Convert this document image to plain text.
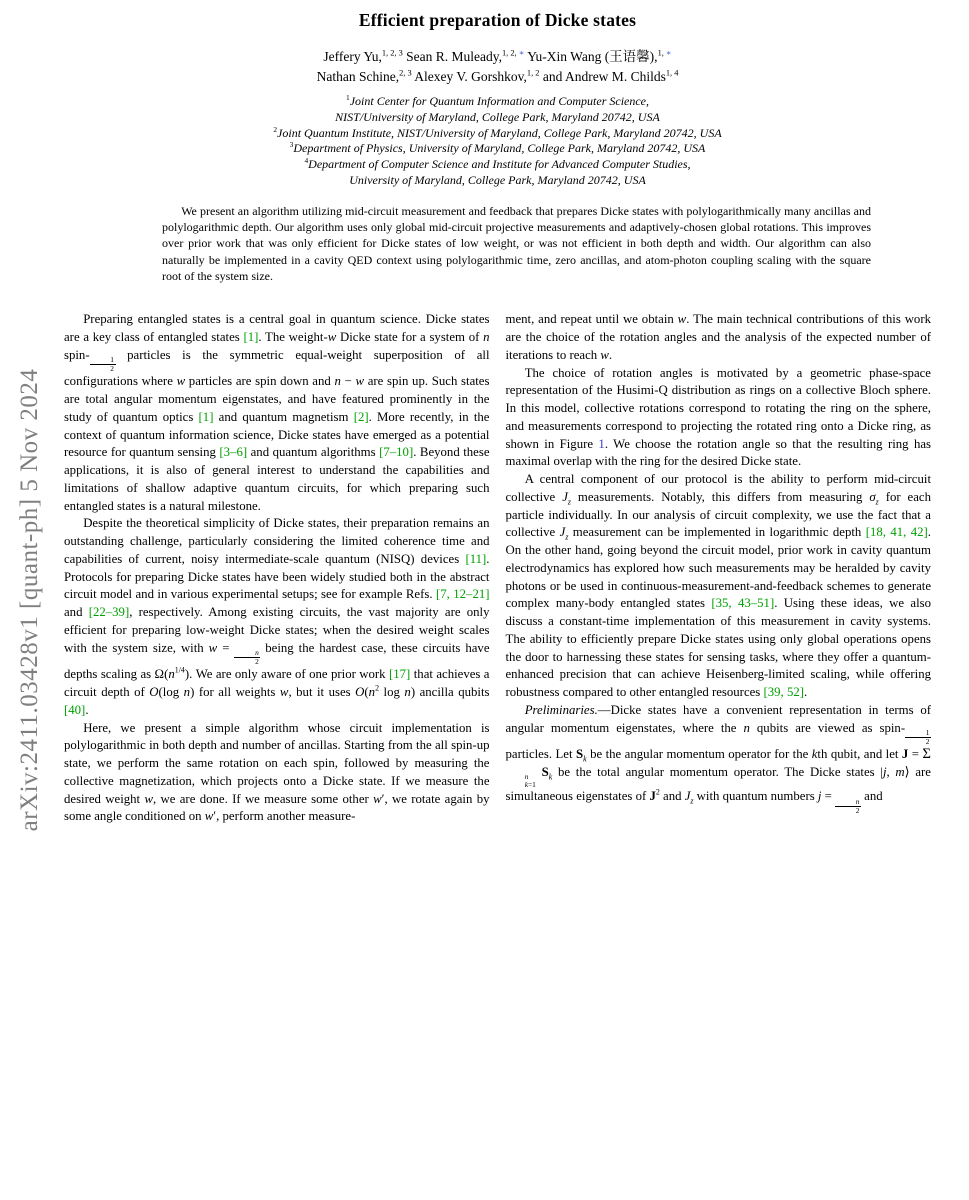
arXiv:2411.03428v1 [quant-ph] 5 Nov 2024
Efficient preparation of Dicke states
Jeffery Yu,$^{1, 2, 3}$ Sean R. Muleady,$^{1, 2, ∗}$ Yu-Xin Wang (王语馨),$^{1, ∗}$
Nathan Schine,$^{2, 3}$ Alexey V. Gorshkov,$^{1, 2}$ and Andrew M. Childs$^{1, 4}$
$^1$Joint Center for Quantum Information and Computer Science,
NIST/University of Maryland, College Park, Maryland 20742, USA
$^2$Joint Quantum Institute, NIST/University of Maryland, College Park, Maryland 20742, USA
$^3$Department of Physics, University of Maryland, College Park, Maryland 20742, USA
$^4$Department of Computer Science and Institute for Advanced Computer Studies,
University of Maryland, College Park, Maryland 20742, USA
We present an algorithm utilizing mid-circuit measurement and feedback that prepares Dicke states with polylogarithmically many ancillas and polylogarithmic depth. Our algorithm uses only global mid-circuit projective measurements and adaptively-chosen global rotations. This improves over prior work that was only efficient for Dicke states of low weight, or was not efficient in both depth and width. Our algorithm can also naturally be implemented in a cavity QED context using polylogarithmic time, zero ancillas, and atom-photon coupling scaling with the square root of the system size.

Preparing entangled states is a central goal in quantum science. Dicke states are a key class of entangled states [1]. The weight-w Dicke state for a system of n spin-
$\frac{1}{2}$
particles is the symmetric equal-weight superposition of all configurations where w particles are spin down and n − w are spin up. Such states are total angular momentum eigenstates, and have featured prominently in the study of quantum optics [1] and quantum magnetism [2]. More recently, in the context of quantum information science, Dicke states have emerged as a potential resource for quantum sensing [3–6] and quantum algorithms [7–10]. Beyond these applications, it is also of general interest to understand the capabilities and limitations of shallow adaptive quantum circuits, for which preparing such entangled states is a natural milestone.

Despite the theoretical simplicity of Dicke states, their preparation remains an outstanding challenge, particularly considering the limited coherence time and capabilities of current, noisy intermediate-scale quantum (NISQ) devices [11]. Protocols for preparing Dicke states have been widely studied both in the abstract circuit model and in various experimental setups; see for example Refs. [7, 12–21] and [22–39], respectively. Among existing circuits, the vast majority are only efficient for preparing low-weight Dicke states; when the desired weight scales with the system size, with w =
$\frac{n}{2}$
being the hardest case, these circuits have depths scaling as $\Omega(n^{1/4})$. We are only aware of one prior work [17] that achieves a circuit depth of O(log n) for all weights w, but it uses $O(n^2$ log n) ancilla qubits [40].

Here, we present a simple algorithm whose circuit implementation is polylogarithmic in both depth and number of ancillas. Starting from the all spin-up state, we perform the same rotation on each spin, followed by measuring the collective magnetization, which projects onto a Dicke state. If we measure the desired weight w, we are done. If we measure some other w′, we rotate again by some angle conditioned on w′, perform another measure-

ment, and repeat until we obtain w. The main technical contributions of this work are the choice of the rotation angles and the analysis of the expected number of iterations to reach w.

The choice of rotation angles is motivated by a geometric phase-space representation of the Husimi-Q distribution as rings on a collective Bloch sphere. In this model, collective rotations correspond to rotating the ring on the sphere, and measurements correspond to projecting the rotated ring onto a Dicke ring, as shown in Figure 1. We choose the rotation angle so that the resulting ring has maximal overlap with the ring for the desired Dicke state.

A central component of our protocol is the ability to perform mid-circuit collective $J_z$ measurements. Notably, this differs from measuring $\sigma_z$ for each particle individually. In our analysis of circuit complexity, we use the fact that a collective $J_z$ measurement can be implemented in logarithmic depth [18, 41, 42]. On the other hand, going beyond the circuit model, prior work in cavity quantum electrodynamics has explored how such measurements may be heralded by cavity photons or be used in continuous-measurement-and-feedback schemes to generate complex many-body entangled states [35, 43–51]. Using these ideas, we also discuss a constant-time implementation of this measurement in cavity systems. The ability to efficiently prepare Dicke states using only global operations opens the door to harnessing these states for sensing tasks, where they offer a quantum-enhanced precision that can achieve Heisenberg-limited scaling, while offering robustness compared to other entangled resources [39, 52].

Preliminaries.—Dicke states have a convenient representation in terms of angular momentum eigenstates, where the n qubits are viewed as spin-
$\frac{1}{2}$
particles. Let $S_k$ be the angular momentum operator for the kth qubit, and let J = Σ
n
k=1
$S_k$ be the total angular momentum operator. The Dicke states |j, m⟩ are simultaneous eigenstates of $J^2$ and $J_z$ with quantum numbers j =
$\frac{n}{2}$
and
